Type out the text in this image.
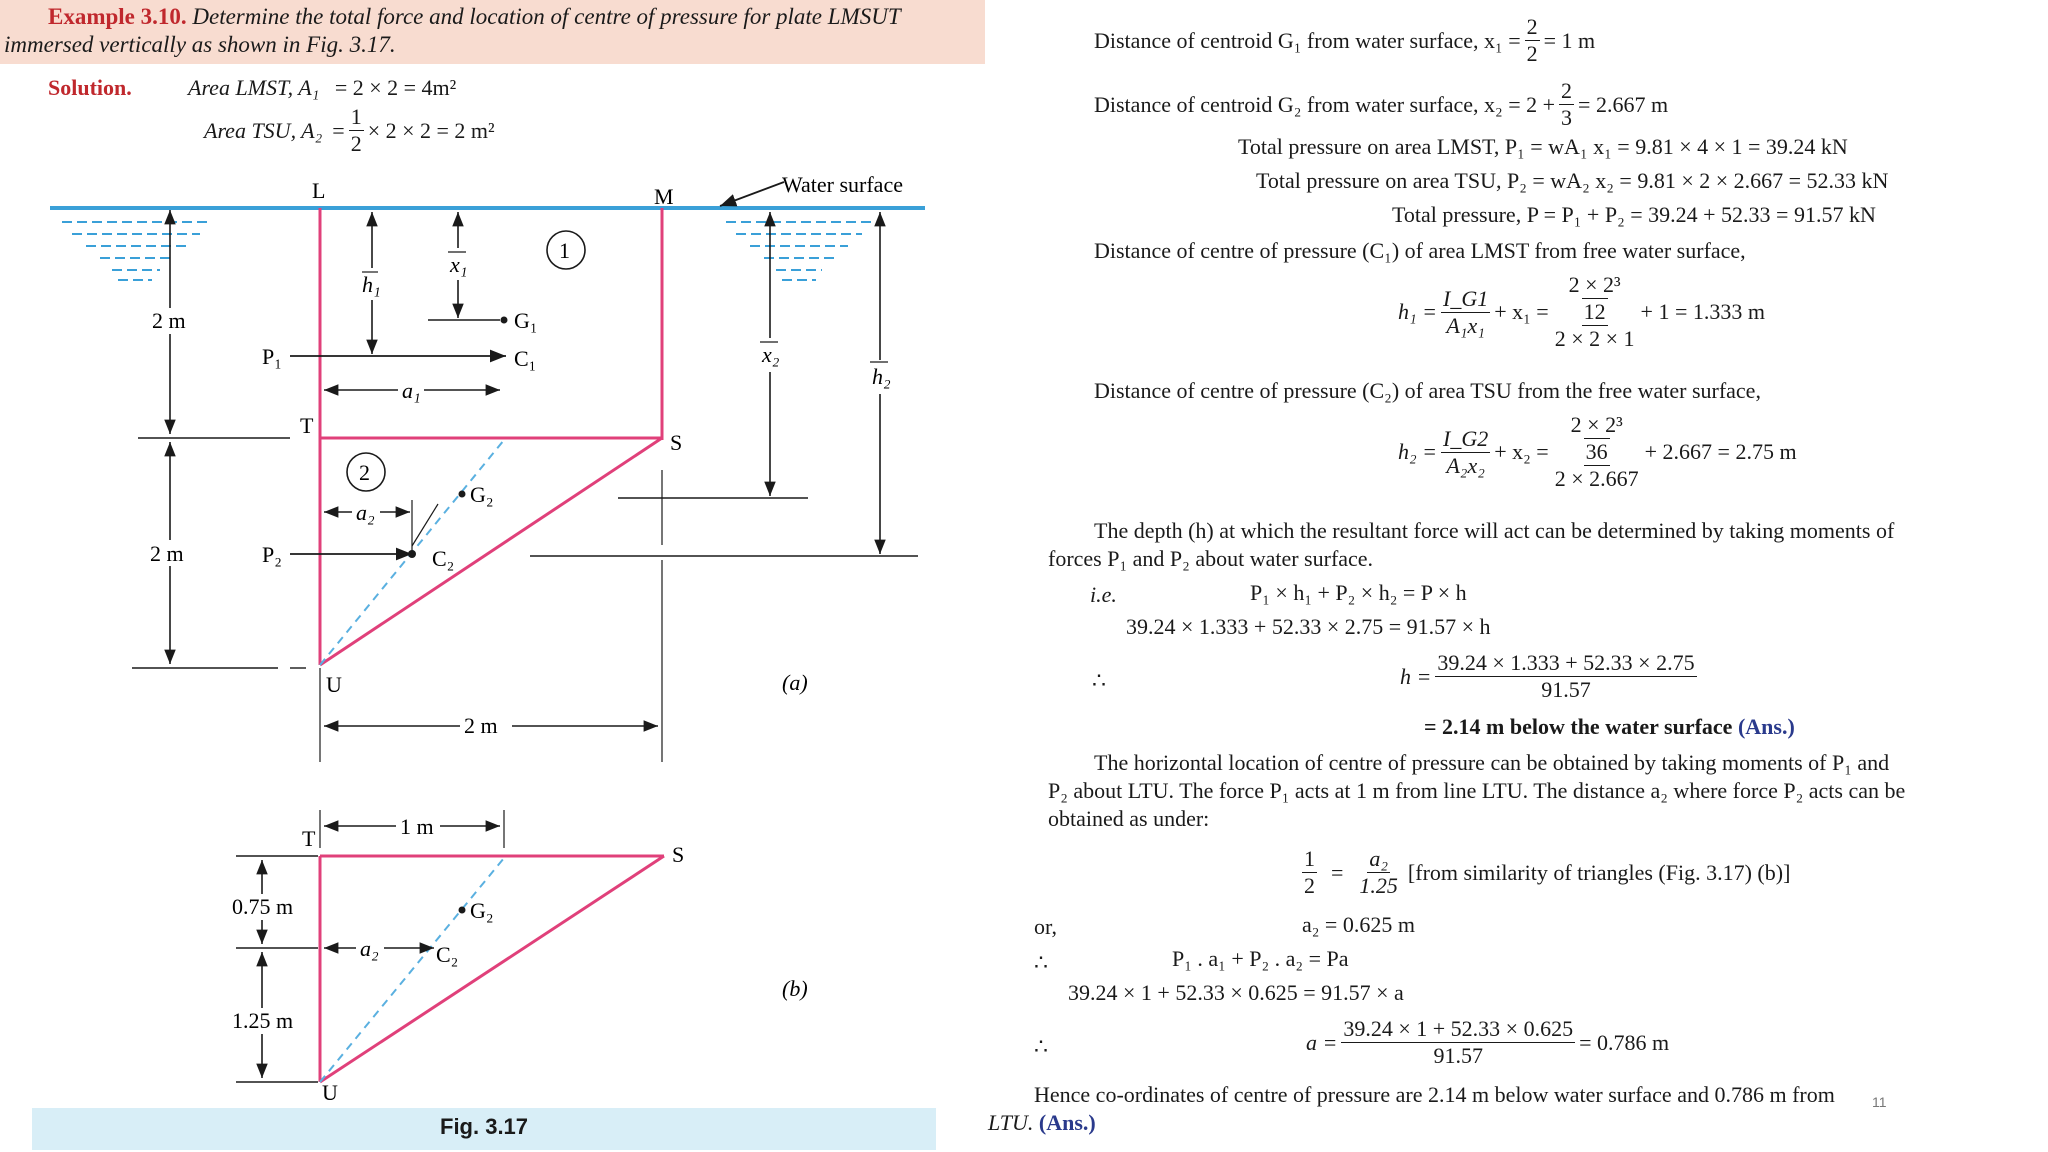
Example 3.10. Determine the total force and location of centre of pressure for plate LMSUT
immersed vertically as shown in Fig. 3.17.
Solution.	Area LMST, A₁ = 2 × 2 = 4m²
Area TSU, $A_2 = \frac{1}{2} \times 2 \times 2 = 2$ m²
Water surface
L	M
T
S
U
1
2
2 m
2 m
h₁
x₁
G₁
P₁	C₁
a₁
G₂
a₂
P₂	C₂
x₂
h₂
2 m
(a)
1 m
T
S
U
0.75 m
1.25 m
G₂
a₂	C₂
(b)
Fig. 3.17
Distance of centroid G₁ from water surface, $x_1 = \frac{2}{2} = 1$ m
Distance of centroid G₂ from water surface, $x_2 = 2 + \frac{2}{3} = 2.667$ m
Total pressure on area LMST, P₁ = wA₁ x₁ = 9.81 × 4 × 1 = 39.24 kN
Total pressure on area TSU, P₂ = wA₂ x₂ = 9.81 × 2 × 2.667 = 52.33 kN
Total pressure, P = P₁ + P₂ = 39.24 + 52.33 = 91.57 kN
Distance of centre of pressure (C₁) of area LMST from free water surface,
$h_1 = \frac{I\_G1}{\text{A₁x₁}} + x_1$ =
2 × 2³
12
2 × 2 × 1
+ 1 = 1.333 m
Distance of centre of pressure (C₂) of area TSU from the free water surface,
$h_2 = \frac{I\_G2}{\text{A₂x₂}} + x_2$ =
2 × 2³
36
2 × 2.667
+ 2.667 = 2.75 m
The depth (h) at which the resultant force will act can be determined by taking moments of
forces P₁ and P₂ about water surface.
i.e.	P₁ × h₁ + P₂ × h₂ = P × h
39.24 × 1.333 + 52.33 × 2.75 = 91.57 × h
∴	$h = \frac{39.24 \times 1.333 + 52.33 \times 2.75}{91.57}$
= 2.14 m below the water surface (Ans.)
The horizontal location of centre of pressure can be obtained by taking moments of P₁ and
P₂ about LTU. The force P₁ acts at 1 m from line LTU. The distance a₂ where force P₂ acts can be
obtained as under:
$\frac{1}{2} = \frac{\text{a₂}}{1.25}$ [from similarity of triangles (Fig. 3.17) (b)]
or,	a₂ = 0.625 m
∴	P₁ . a₁ + P₂ . a₂ = Pa
39.24 × 1 + 52.33 × 0.625 = 91.57 × a
∴	$a = \frac{39.24 \times 1 + 52.33 \times 0.625}{91.57} = 0.786$ m
Hence co-ordinates of centre of pressure are 2.14 m below water surface and 0.786 m from
LTU. (Ans.)
11
